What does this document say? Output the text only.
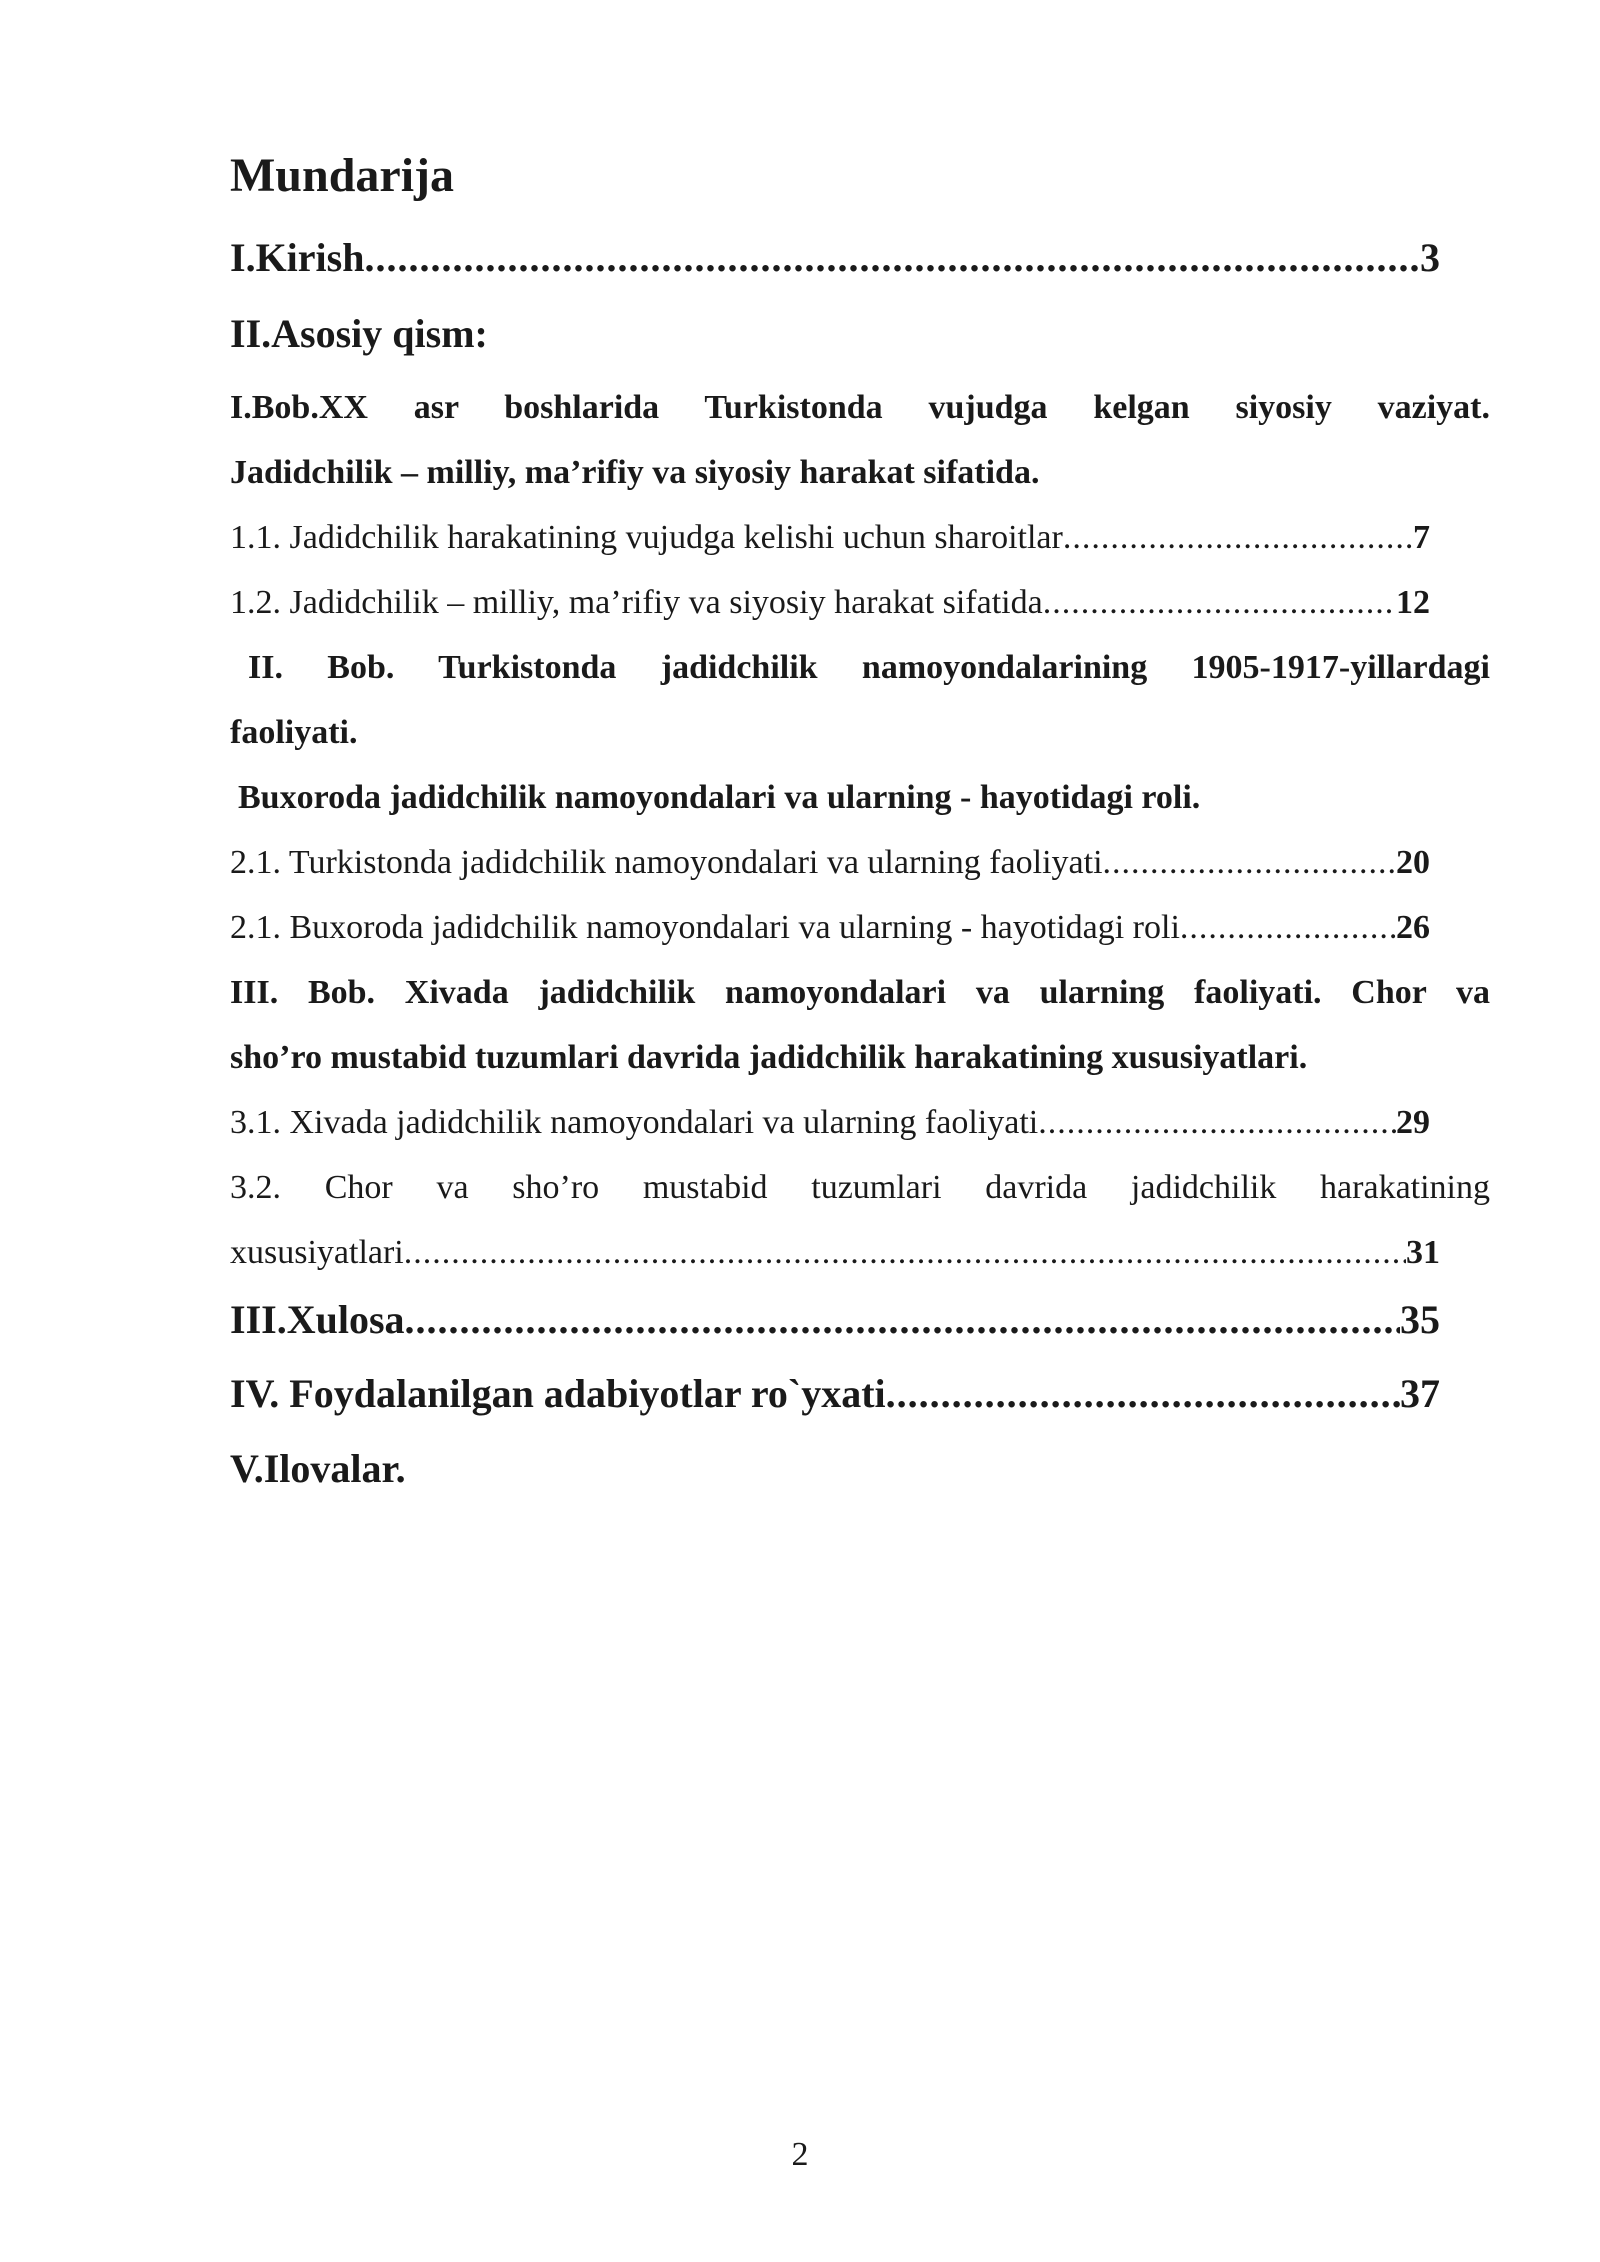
Mundarija
I.Kirish .....	3
II.Asosiy qism:
I.Bob.XX asr boshlarida Turkistonda vujudga kelgan siyosiy vaziyat.
Jadidchilik – milliy, ma’rifiy va siyosiy harakat sifatida.
1.1. Jadidchilik harakatining vujudga kelishi uchun sharoitlar .....	7
1.2. Jadidchilik – milliy, ma’rifiy va siyosiy harakat sifatida .....	12
II. Bob. Turkistonda jadidchilik namoyondalarining 1905-1917-yillardagi
faoliyati.
Buxoroda jadidchilik namoyondalari va ularning - hayotidagi roli.
2.1. Turkistonda jadidchilik namoyondalari va ularning faoliyati .....	20
2.1. Buxoroda jadidchilik namoyondalari va ularning - hayotidagi roli .....	26
III. Bob. Xivada jadidchilik namoyondalari va ularning faoliyati. Chor va
sho’ro mustabid tuzumlari davrida jadidchilik harakatining xususiyatlari.
3.1. Xivada jadidchilik namoyondalari va ularning faoliyati .....	29
3.2. Chor va sho’ro mustabid tuzumlari davrida jadidchilik harakatining
xususiyatlari .....	31
III.Xulosa .....	35
IV. Foydalanilgan adabiyotlar ro`yxati .....	37
V.Ilovalar.
2
